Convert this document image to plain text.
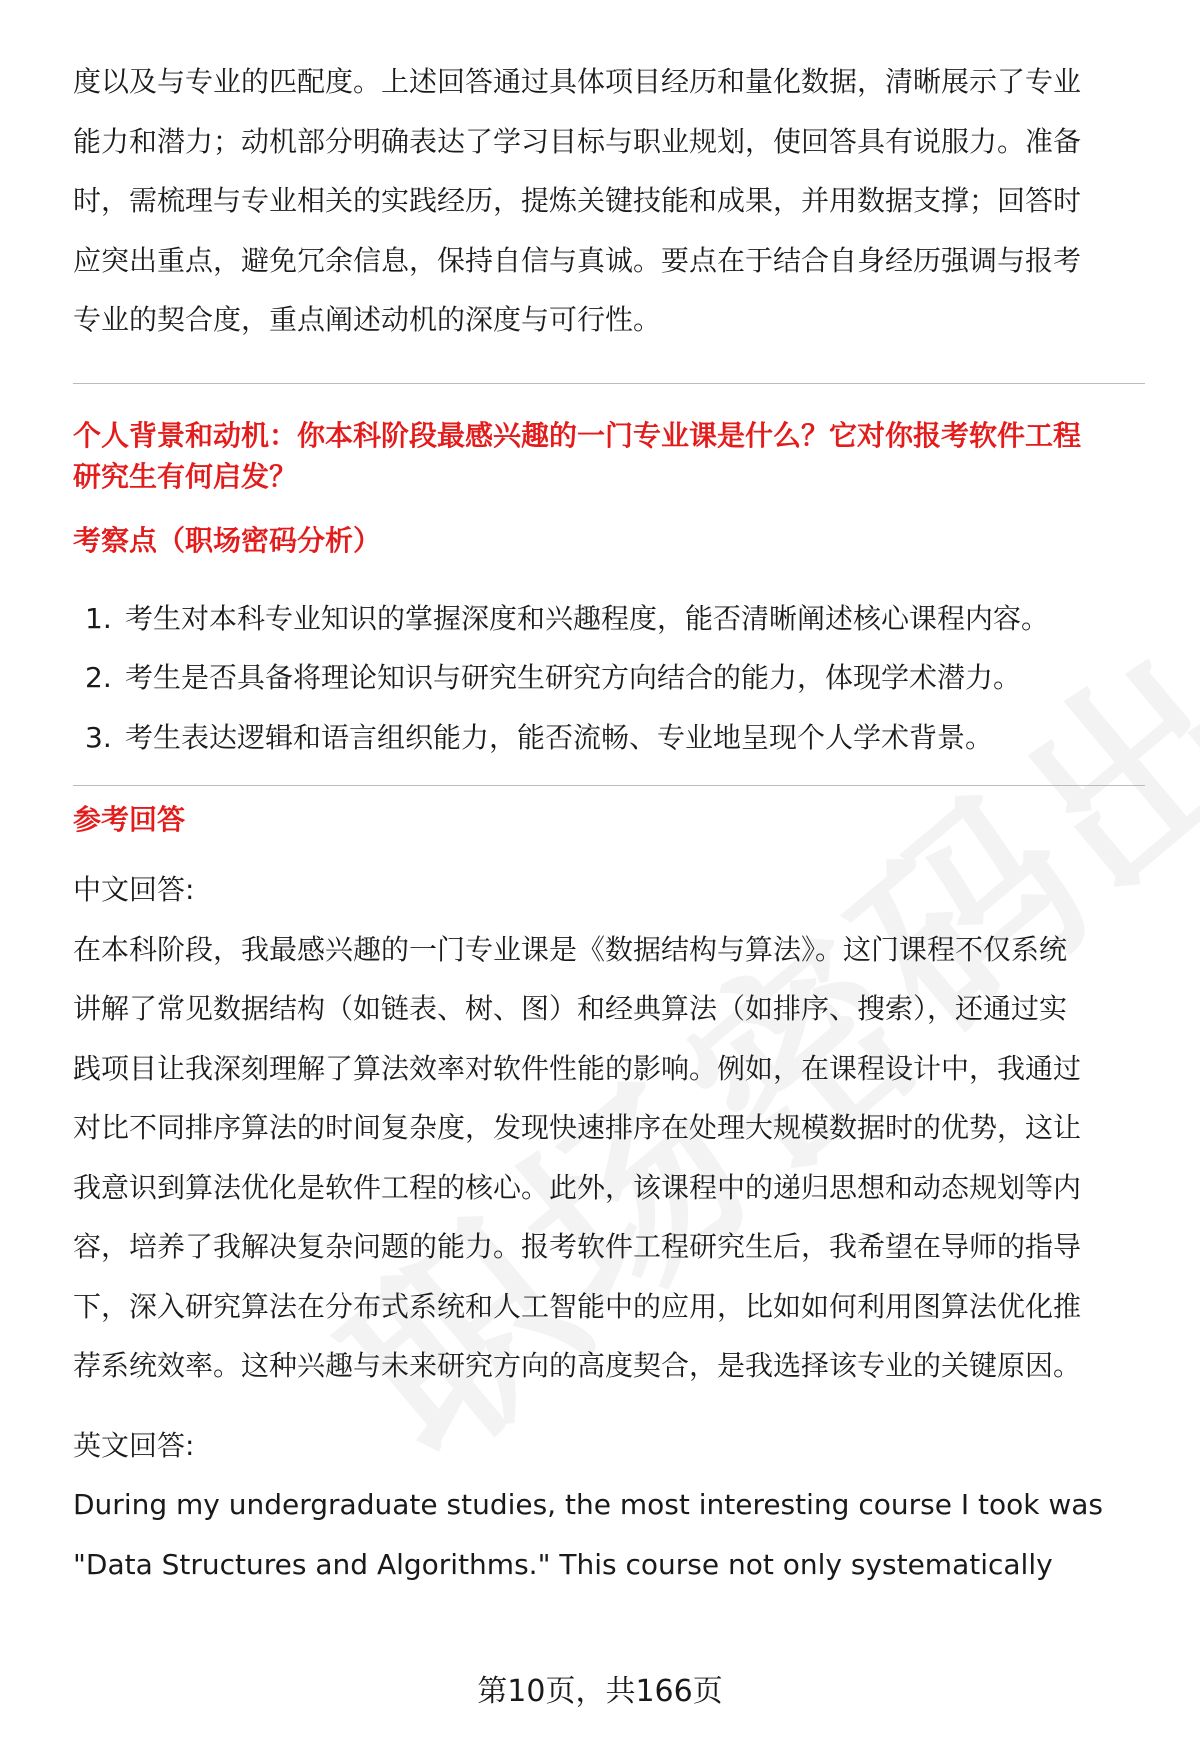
度以及与专业的匹配度。上述回答通过具体项目经历和量化数据，清晰展示了专业

能力和潜力；动机部分明确表达了学习目标与职业规划，使回答具有说服力。准备

时，需梳理与专业相关的实践经历，提炼关键技能和成果，并用数据支撑；回答时

应突出重点，避免冗余信息，保持自信与真诚。要点在于结合自身经历强调与报考

专业的契合度，重点阐述动机的深度与可行性。

个人背景和动机：你本科阶段最感兴趣的一门专业课是什么？它对你报考软件工程

研究生有何启发？

考察点（职场密码分析）

1. 考生对本科专业知识的掌握深度和兴趣程度，能否清晰阐述核心课程内容。
2. 考生是否具备将理论知识与研究生研究方向结合的能力，体现学术潜力。
3. 考生表达逻辑和语言组织能力，能否流畅、专业地呈现个人学术背景。

参考回答

中文回答:

在本科阶段，我最感兴趣的一门专业课是《数据结构与算法》。这门课程不仅系统

讲解了常见数据结构（如链表、树、图）和经典算法（如排序、搜索），还通过实

践项目让我深刻理解了算法效率对软件性能的影响。例如，在课程设计中，我通过

对比不同排序算法的时间复杂度，发现快速排序在处理大规模数据时的优势，这让

我意识到算法优化是软件工程的核心。此外，该课程中的递归思想和动态规划等内

容，培养了我解决复杂问题的能力。报考软件工程研究生后，我希望在导师的指导

下，深入研究算法在分布式系统和人工智能中的应用，比如如何利用图算法优化推

荐系统效率。这种兴趣与未来研究方向的高度契合，是我选择该专业的关键原因。

英文回答:

During my undergraduate studies, the most interesting course I took was

"Data Structures and Algorithms." This course not only systematically

第10页，共166页
